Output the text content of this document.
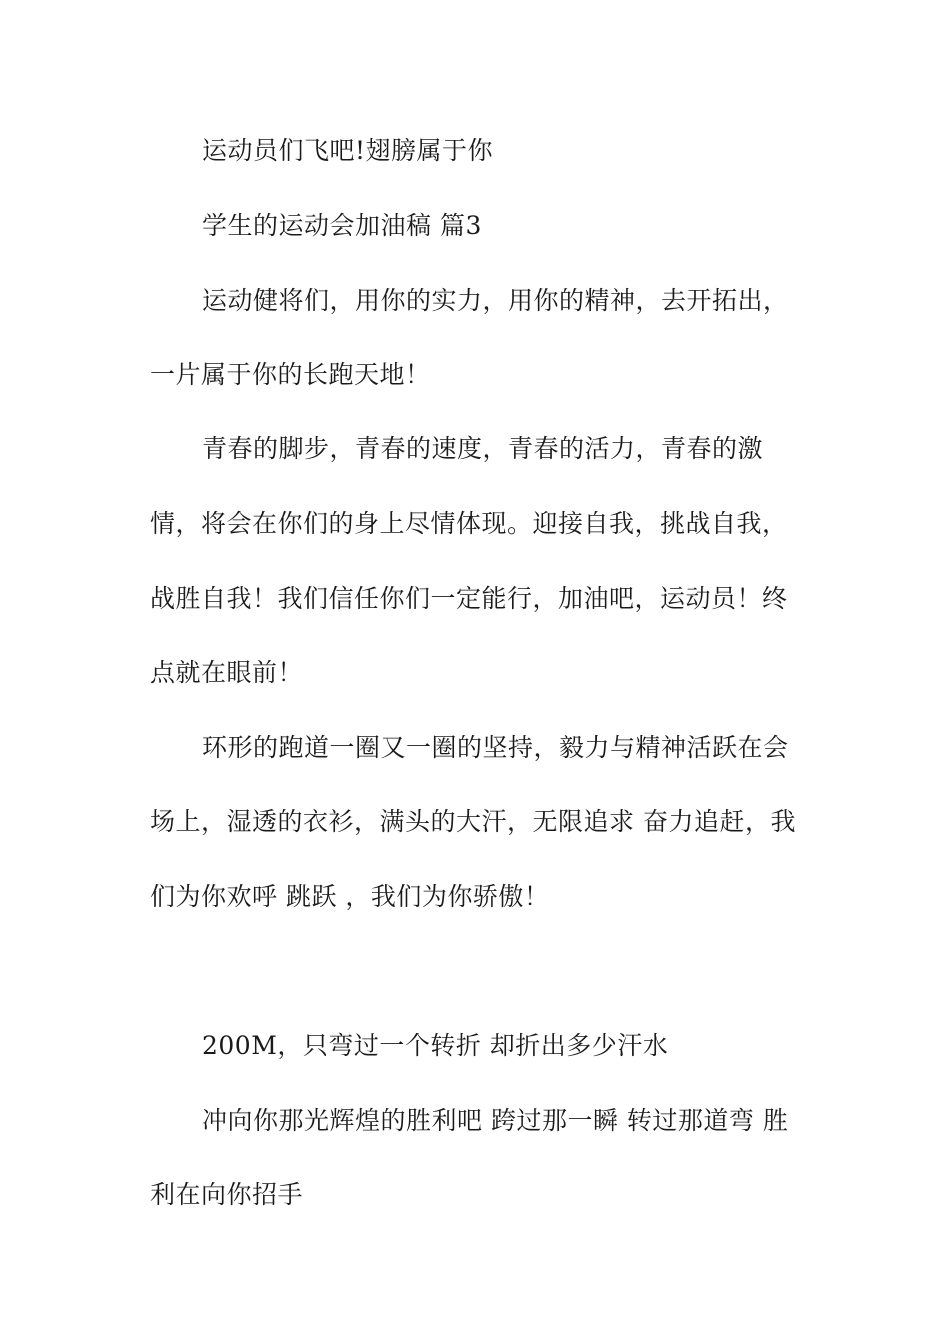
运动员们飞吧!翅膀属于你

学生的运动会加油稿 篇3

运动健将们，用你的实力，用你的精神，去开拓出，

一片属于你的长跑天地！

青春的脚步，青春的速度，青春的活力，青春的激

情，将会在你们的身上尽情体现。迎接自我，挑战自我，

战胜自我！我们信任你们一定能行，加油吧，运动员！终

点就在眼前！

环形的跑道一圈又一圈的坚持，毅力与精神活跃在会

场上，湿透的衣衫，满头的大汗，无限追求 奋力追赶，我

们为你欢呼 跳跃 ，我们为你骄傲！

200M，只弯过一个转折 却折出多少汗水

冲向你那光辉煌的胜利吧 跨过那一瞬 转过那道弯 胜

利在向你招手
